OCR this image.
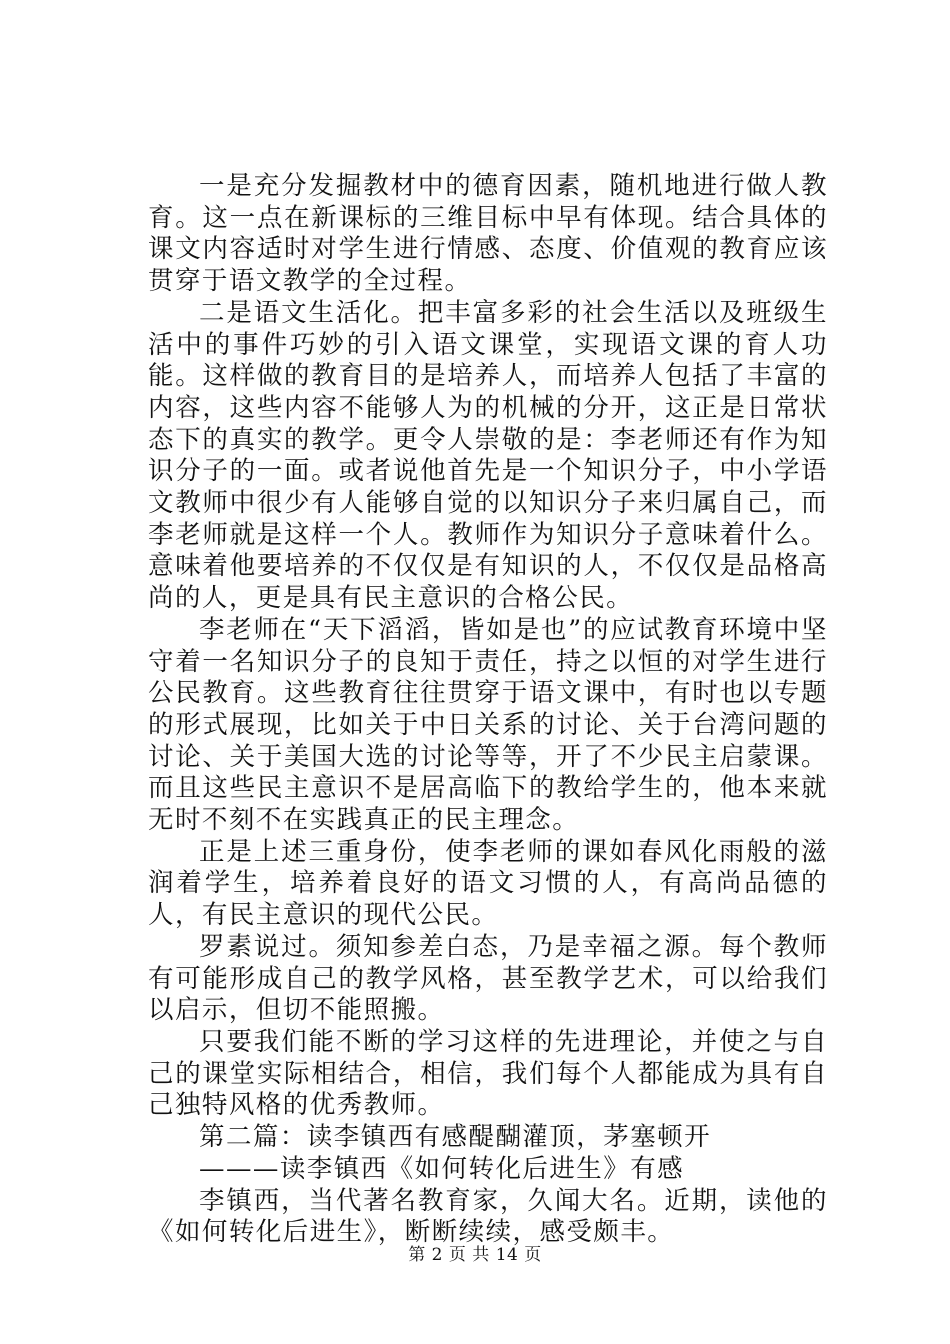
一是充分发掘教材中的德育因素，随机地进行做人教育。这一点在新课标的三维目标中早有体现。结合具体的课文内容适时对学生进行情感、态度、价值观的教育应该贯穿于语文教学的全过程。

二是语文生活化。把丰富多彩的社会生活以及班级生活中的事件巧妙的引入语文课堂，实现语文课的育人功能。这样做的教育目的是培养人，而培养人包括了丰富的内容，这些内容不能够人为的机械的分开，这正是日常状态下的真实的教学。更令人崇敬的是：李老师还有作为知识分子的一面。或者说他首先是一个知识分子，中小学语文教师中很少有人能够自觉的以知识分子来归属自己，而李老师就是这样一个人。教师作为知识分子意味着什么。意味着他要培养的不仅仅是有知识的人，不仅仅是品格高尚的人，更是具有民主意识的合格公民。

李老师在“天下滔滔，皆如是也”的应试教育环境中坚守着一名知识分子的良知于责任，持之以恒的对学生进行公民教育。这些教育往往贯穿于语文课中，有时也以专题的形式展现，比如关于中日关系的讨论、关于台湾问题的讨论、关于美国大选的讨论等等，开了不少民主启蒙课。而且这些民主意识不是居高临下的教给学生的，他本来就无时不刻不在实践真正的民主理念。

正是上述三重身份，使李老师的课如春风化雨般的滋润着学生，培养着良好的语文习惯的人，有高尚品德的人，有民主意识的现代公民。

罗素说过。须知参差白态，乃是幸福之源。每个教师有可能形成自己的教学风格，甚至教学艺术，可以给我们以启示，但切不能照搬。

只要我们能不断的学习这样的先进理论，并使之与自己的课堂实际相结合，相信，我们每个人都能成为具有自己独特风格的优秀教师。

第二篇：读李镇西有感醍醐灌顶，茅塞顿开

———读李镇西《如何转化后进生》有感

李镇西，当代著名教育家，久闻大名。近期，读他的《如何转化后进生》，断断续续，感受颇丰。

第 2 页 共 14 页
